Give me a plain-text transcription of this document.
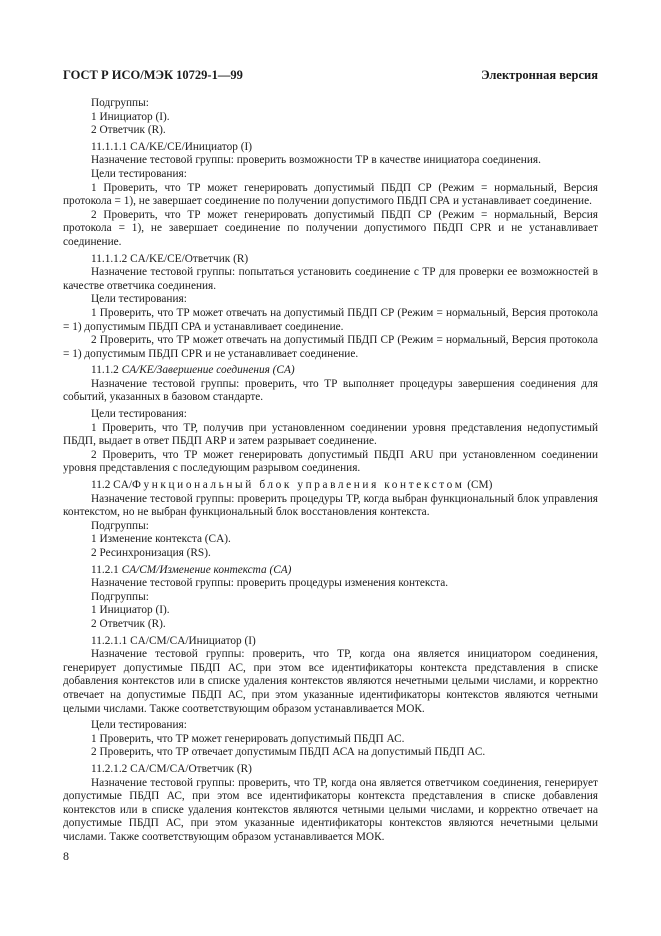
ГОСТ Р ИСО/МЭК 10729-1—99	Электронная версия

Подгруппы:

1 Инициатор (I).

2 Ответчик (R).

11.1.1.1 CA/KE/CE/Инициатор (I)

Назначение тестовой группы: проверить возможности ТР в качестве инициатора соединения.

Цели тестирования:

1 Проверить, что ТР может генерировать допустимый ПБДП СР (Режим = нормальный, Версия протокола = 1), не завершает соединение по получении допустимого ПБДП СРА и устанавливает соединение.

2 Проверить, что ТР может генерировать допустимый ПБДП СР (Режим = нормальный, Версия протокола = 1), не завершает соединение по получении допустимого ПБДП CPR и не устанавливает соединение.

11.1.1.2 CA/KE/CE/Ответчик (R)

Назначение тестовой группы: попытаться установить соединение с ТР для проверки ее возможностей в качестве ответчика соединения.

Цели тестирования:

1 Проверить, что ТР может отвечать на допустимый ПБДП СР (Режим = нормальный, Версия протокола = 1) допустимым ПБДП СРА и устанавливает соединение.

2 Проверить, что ТР может отвечать на допустимый ПБДП СР (Режим = нормальный, Версия протокола = 1) допустимым ПБДП CPR и не устанавливает соединение.

11.1.2 CA/KE/Завершение соединения (CA)

Назначение тестовой группы: проверить, что ТР выполняет процедуры завершения соединения для событий, указанных в базовом стандарте.

Цели тестирования:

1 Проверить, что ТР, получив при установленном соединении уровня представления недопустимый ПБДП, выдает в ответ ПБДП ARP и затем разрывает соединение.

2 Проверить, что ТР может генерировать допустимый ПБДП ARU при установленном соединении уровня представления с последующим разрывом соединения.

11.2 CA/Функциональный блок управления контекстом (CM)

Назначение тестовой группы: проверить процедуры ТР, когда выбран функциональный блок управления контекстом, но не выбран функциональный блок восстановления контекста.

Подгруппы:

1 Изменение контекста (CA).

2 Ресинхронизация (RS).

11.2.1 CA/CM/Изменение контекста (CA)

Назначение тестовой группы: проверить процедуры изменения контекста.

Подгруппы:

1 Инициатор (I).

2 Ответчик (R).

11.2.1.1 CA/CM/CA/Инициатор (I)

Назначение тестовой группы: проверить, что ТР, когда она является инициатором соединения, генерирует допустимые ПБДП АС, при этом все идентификаторы контекста представления в списке добавления контекстов или в списке удаления контекстов являются нечетными целыми числами, и корректно отвечает на допустимые ПБДП АС, при этом указанные идентификаторы контекстов являются четными целыми числами. Также соответствующим образом устанавливается МОК.

Цели тестирования:

1 Проверить, что ТР может генерировать допустимый ПБДП АС.

2 Проверить, что ТР отвечает допустимым ПБДП АСА на допустимый ПБДП АС.

11.2.1.2 CA/CM/CA/Ответчик (R)

Назначение тестовой группы: проверить, что ТР, когда она является ответчиком соединения, генерирует допустимые ПБДП АС, при этом все идентификаторы контекста представления в списке добавления контекстов или в списке удаления контекстов являются четными целыми числами, и корректно отвечает на допустимые ПБДП АС, при этом указанные идентификаторы контекстов являются нечетными целыми числами. Также соответствующим образом устанавливается МОК.

8
